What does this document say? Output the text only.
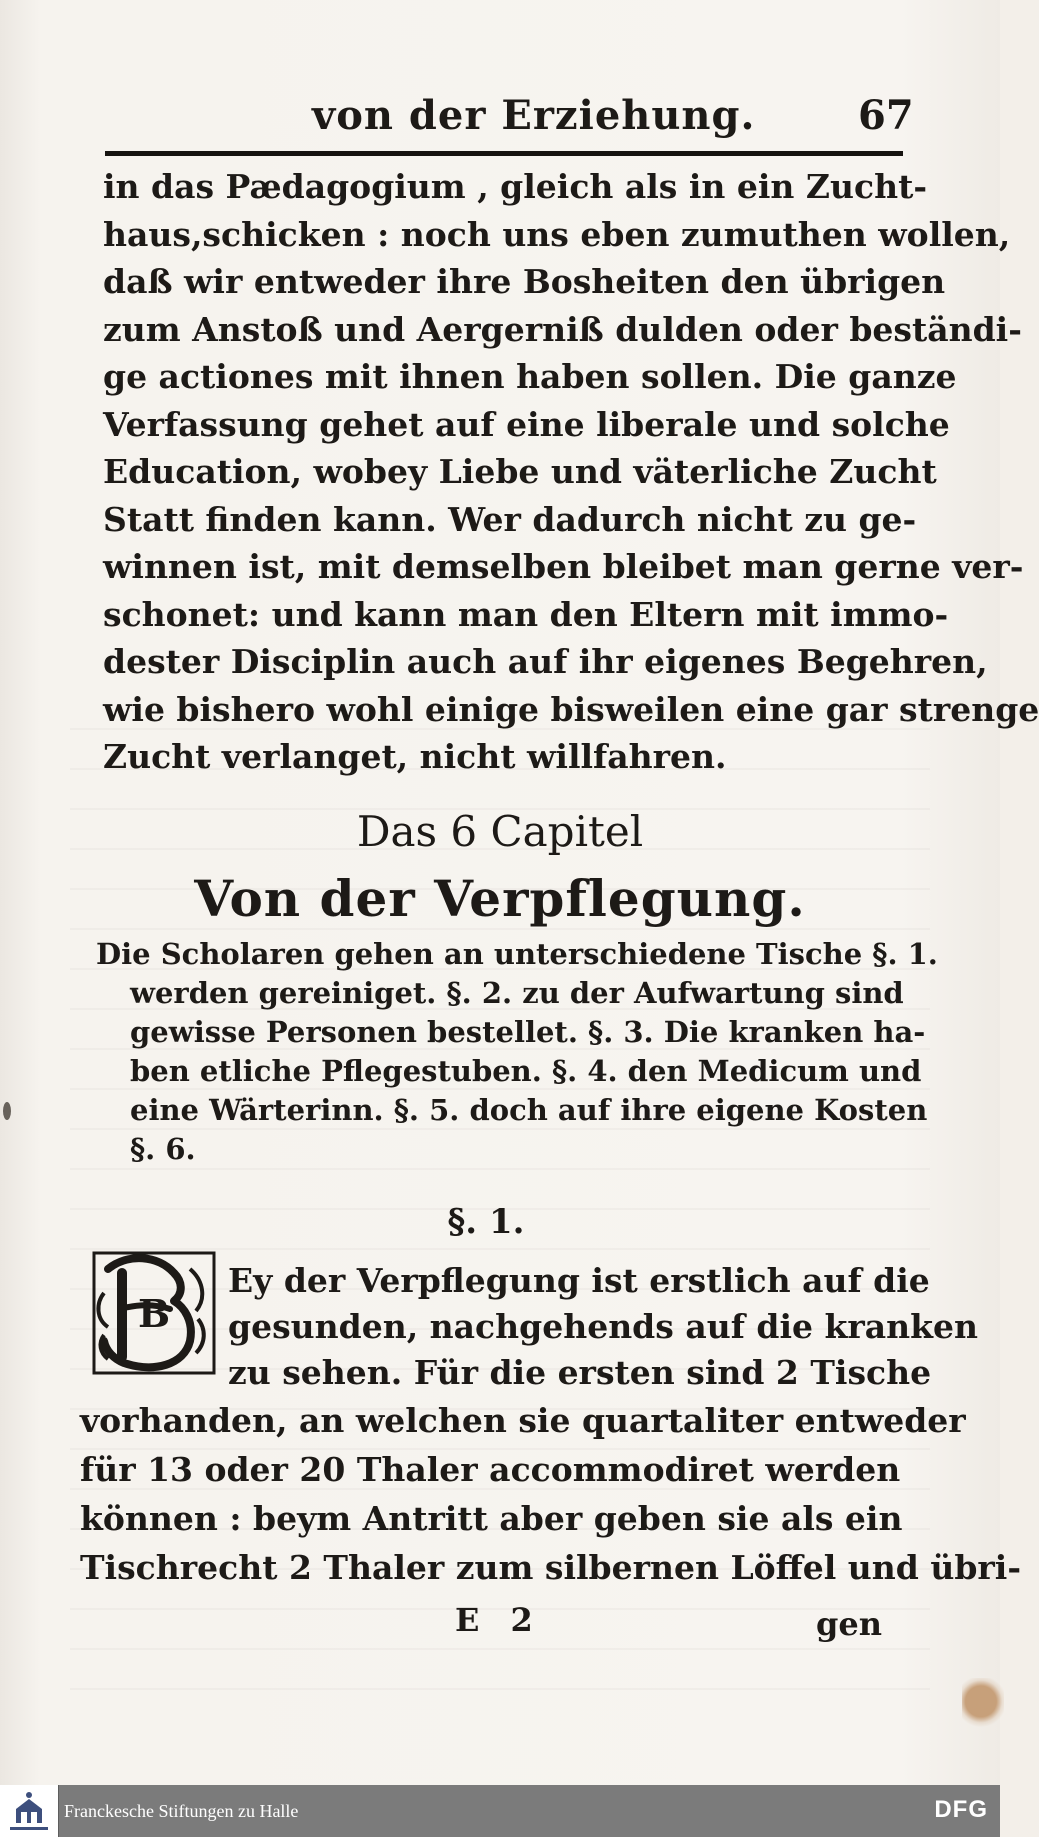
von der Erziehung.	67
in das Pædagogium , gleich als in ein Zucht-
haus,schicken : noch uns eben zumuthen wollen,
daß wir entweder ihre Bosheiten den übrigen
zum Anstoß und Aergerniß dulden oder beständi-
ge actiones mit ihnen haben sollen. Die ganze
Verfassung gehet auf eine liberale und solche
Education, wobey Liebe und väterliche Zucht
Statt finden kann. Wer dadurch nicht zu ge-
winnen ist, mit demselben bleibet man gerne ver-
schonet: und kann man den Eltern mit immo-
dester Disciplin auch auf ihr eigenes Begehren,
wie bishero wohl einige bisweilen eine gar strenge
Zucht verlanget, nicht willfahren.
Das 6 Capitel
Von der Verpflegung.
Die Scholaren gehen an unterschiedene Tische §. 1.
werden gereiniget. §. 2. zu der Aufwartung sind
gewisse Personen bestellet. §. 3. Die kranken ha-
ben etliche Pflegestuben. §. 4. den Medicum und
eine Wärterinn. §. 5. doch auf ihre eigene Kosten
§. 6.
§. 1.
B
Ey der Verpflegung ist erstlich auf die
gesunden, nachgehends auf die kranken
zu sehen. Für die ersten sind 2 Tische
vorhanden, an welchen sie quartaliter entweder
für 13 oder 20 Thaler accommodiret werden
können : beym Antritt aber geben sie als ein
Tischrecht 2 Thaler zum silbernen Löffel und übri-
E 2	gen
Franckesche Stiftungen zu Halle	DFG
